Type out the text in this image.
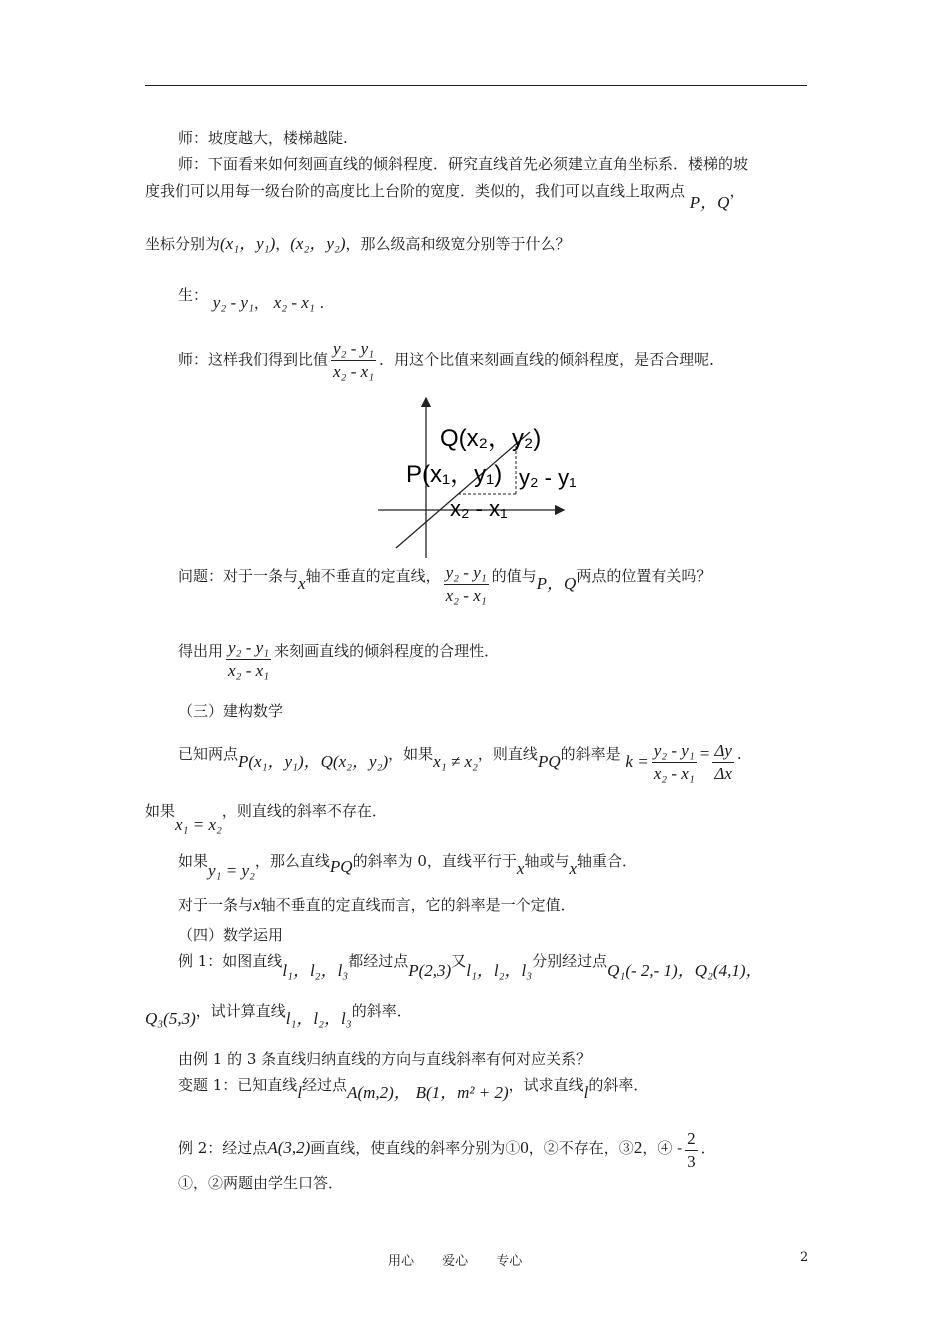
师：坡度越大，楼梯越陡.
师：下面看来如何刻画直线的倾斜程度．研究直线首先必须建立直角坐标系．楼梯的坡
度我们可以用每一级台阶的高度比上台阶的宽度．类似的，我们可以直线上取两点 P，Q，
坐标分别为(x₁，y₁)，(x₂，y₂)，那么级高和级宽分别等于什么？
生： y₂ - y₁， x₂ - x₁ .
师：这样我们得到比值 $\frac{\text{y₂ - y₁}}{\text{x₂ - x₁}}$ ．用这个比值来刻画直线的倾斜程度，是否合理呢．
Q(x₂，y₂)
P(x₁，y₁) y₂ - y₁
x₂ - x₁
问题：对于一条与x轴不垂直的定直线， $\frac{\text{y₂ - y₁}}{\text{x₂ - x₁}}$ 的值与P，Q两点的位置有关吗？
得出用 $\frac{\text{y₂ - y₁}}{\text{x₂ - x₁}}$ 来刻画直线的倾斜程度的合理性．
（三）建构数学
已知两点P(x₁，y₁)，Q(x₂，y₂)，如果x₁ ≠ x₂，则直线PQ的斜率是 $k = \frac{\text{y₂ - y₁}}{\text{x₂ - x₁}} = \frac{\Delta y}{\Delta x}$ .
如果x₁ = x₂，则直线的斜率不存在．
如果y₁ = y₂，那么直线PQ的斜率为 0，直线平行于x轴或与x轴重合．
对于一条与x轴不垂直的定直线而言，它的斜率是一个定值．
（四）数学运用
例 1：如图直线l₁，l₂，l₃都经过点P(2,3)又l₁，l₂，l₃分别经过点Q₁(- 2,- 1)，Q₂(4,1)，
Q₃(5,3)，试计算直线l₁，l₂，l₃的斜率．
由例 1 的 3 条直线归纳直线的方向与直线斜率有何对应关系？
变题 1：已知直线l经过点A(m,2)， B(1，m² + 2)，试求直线l的斜率．
例 2：经过点A(3,2)画直线，使直线的斜率分别为①0，②不存在，③2，④ - $\frac{2}{3}$ ．
①，②两题由学生口答．
用心 爱心 专心	2
